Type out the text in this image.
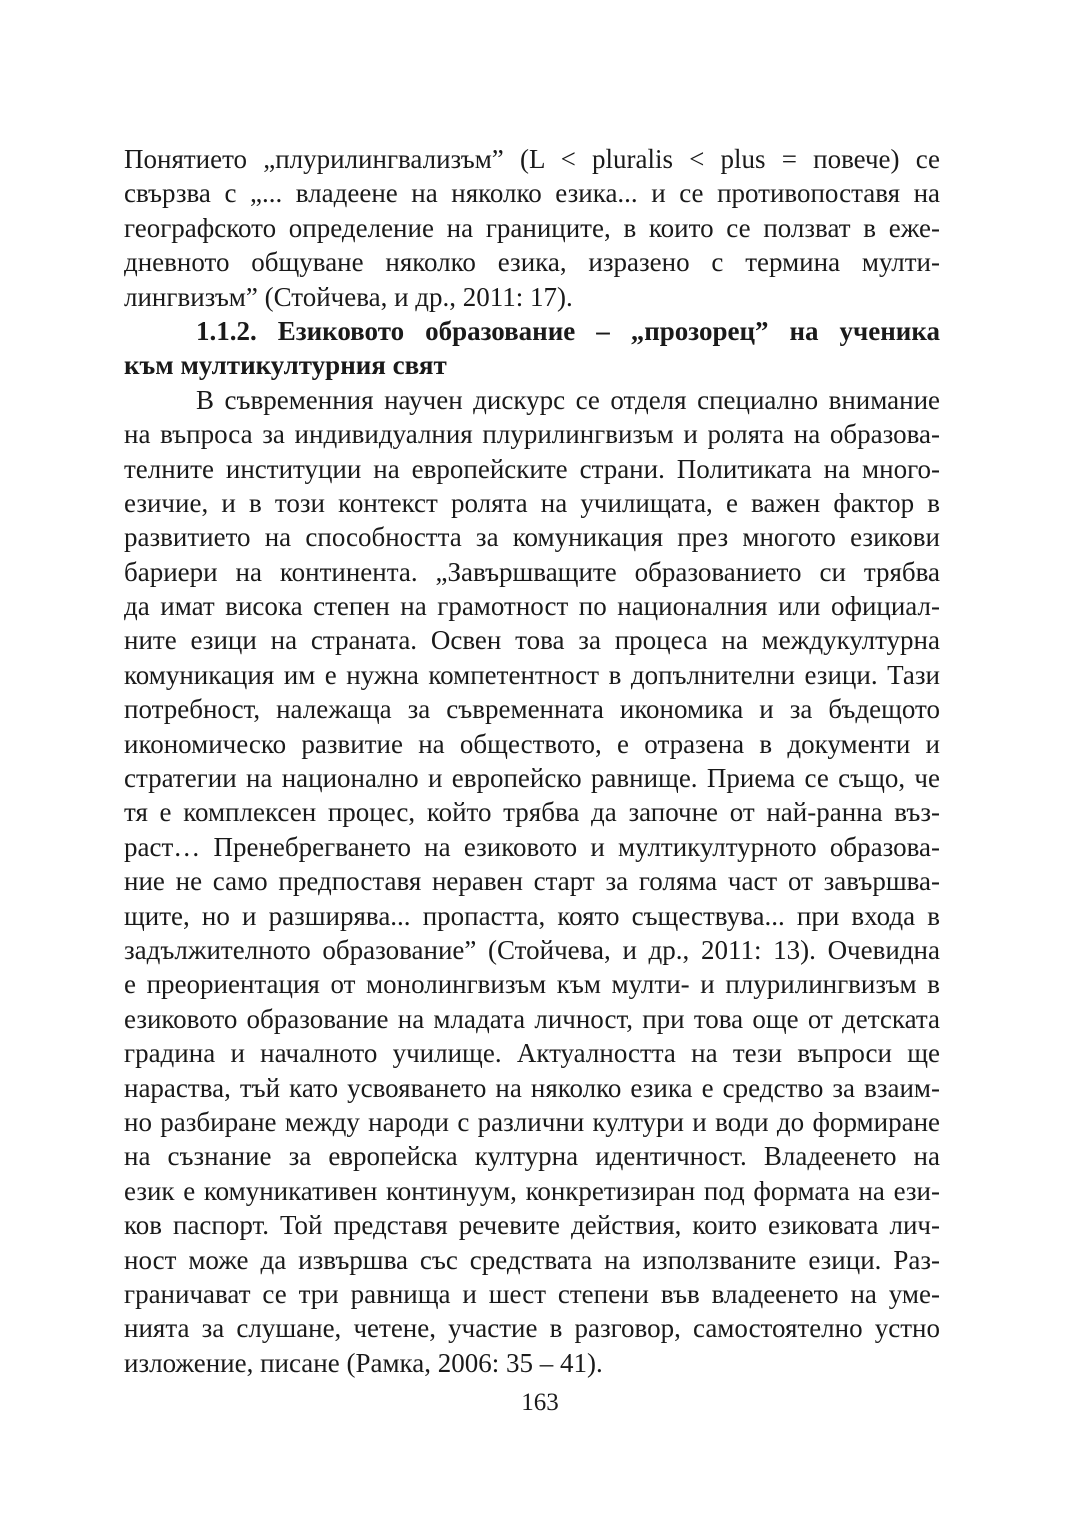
Понятието „плурилингвализъм” (L < pluralis < plus = повече) се
свързва с „... владеене на няколко езика... и се противопоставя на
географското определение на границите, в които се ползват в еже-
дневното общуване няколко езика, изразено с термина мулти-
лингвизъм” (Стойчева, и др., 2011: 17).
1.1.2. Езиковото образование – „прозорец” на ученика
към мултикултурния свят
В съвременния научен дискурс се отделя специално внимание
на въпроса за индивидуалния плурилингвизъм и ролята на образова-
телните институции на европейските страни. Политиката на много-
езичие, и в този контекст ролята на училищата, е важен фактор в
развитието на способността за комуникация през многото езикови
бариери на континента. „Завършващите образованието си трябва
да имат висока степен на грамотност по националния или официал-
ните езици на страната. Освен това за процеса на междукултурна
комуникация им е нужна компетентност в допълнителни езици. Тази
потребност, належаща за съвременната икономика и за бъдещото
икономическо развитие на обществото, е отразена в документи и
стратегии на национално и европейско равнище. Приема се също, че
тя е комплексен процес, който трябва да започне от най-ранна въз-
раст… Пренебрегването на езиковото и мултикултурното образова-
ние не само предпоставя неравен старт за голяма част от завършва-
щите, но и разширява... пропастта, която съществува... при входа в
задължителното образование” (Стойчева, и др., 2011: 13). Очевидна
е преориентация от монолингвизъм към мулти- и плурилингвизъм в
езиковото образование на младата личност, при това още от детската
градина и началното училище. Актуалността на тези въпроси ще
нараства, тъй като усвояването на няколко езика е средство за взаим-
но разбиране между народи с различни култури и води до формиране
на съзнание за европейска културна идентичност. Владеенето на
език е комуникативен континуум, конкретизиран под формата на ези-
ков паспорт. Той представя речевите действия, които езиковата лич-
ност може да извършва със средствата на използваните езици. Раз-
граничават се три равнища и шест степени във владеенето на уме-
нията за слушане, четене, участие в разговор, самостоятелно устно
изложение, писане (Рамка, 2006: 35 – 41).
163
